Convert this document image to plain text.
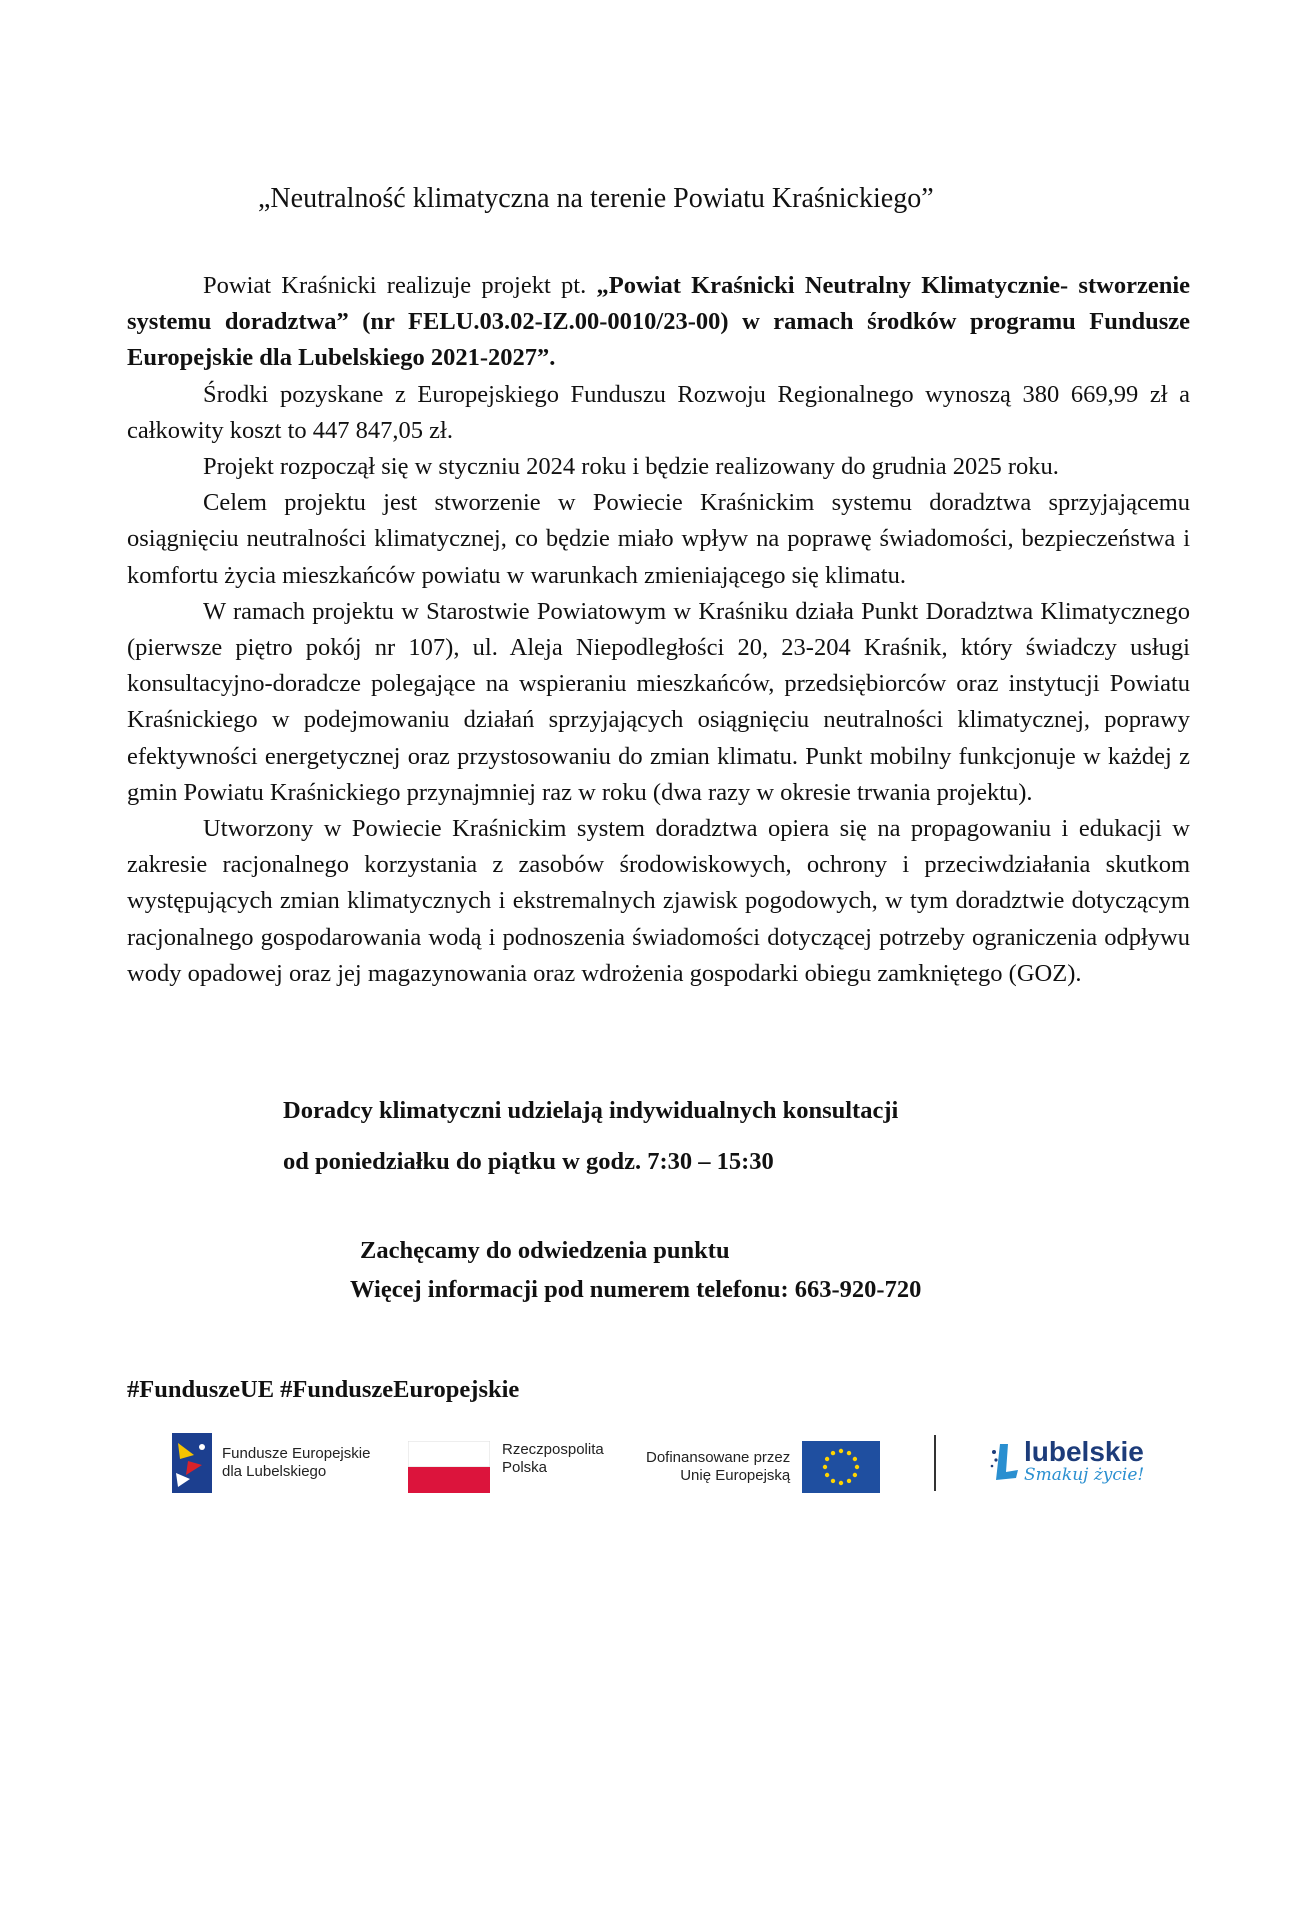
„Neutralność klimatyczna na terenie Powiatu Kraśnickiego”

Powiat Kraśnicki realizuje projekt pt. „Powiat Kraśnicki Neutralny Klimatycznie- stworzenie systemu doradztwa” (nr FELU.03.02-IZ.00-0010/23-00) w ramach środków programu Fundusze Europejskie dla Lubelskiego 2021-2027”.

Środki pozyskane z Europejskiego Funduszu Rozwoju Regionalnego wynoszą 380 669,99 zł a całkowity koszt to 447 847,05 zł.

Projekt rozpoczął się w styczniu 2024 roku i będzie realizowany do grudnia 2025 roku.

Celem projektu jest stworzenie w Powiecie Kraśnickim systemu doradztwa sprzyjającemu osiągnięciu neutralności klimatycznej, co będzie miało wpływ na poprawę świadomości, bezpieczeństwa i komfortu życia mieszkańców powiatu w warunkach zmieniającego się klimatu.

W ramach projektu w Starostwie Powiatowym w Kraśniku działa Punkt Doradztwa Klimatycznego (pierwsze piętro pokój nr 107), ul. Aleja Niepodległości 20, 23-204 Kraśnik, który świadczy usługi konsultacyjno-doradcze polegające na wspieraniu mieszkańców, przedsiębiorców oraz instytucji Powiatu Kraśnickiego w podejmowaniu działań sprzyjających osiągnięciu neutralności klimatycznej, poprawy efektywności energetycznej oraz przystosowaniu do zmian klimatu. Punkt mobilny funkcjonuje w każdej z gmin Powiatu Kraśnickiego przynajmniej raz w roku (dwa razy w okresie trwania projektu).

Utworzony w Powiecie Kraśnickim system doradztwa opiera się na propagowaniu i edukacji w zakresie racjonalnego korzystania z zasobów środowiskowych, ochrony i przeciwdziałania skutkom występujących zmian klimatycznych i ekstremalnych zjawisk pogodowych, w tym doradztwie dotyczącym racjonalnego gospodarowania wodą i podnoszenia świadomości dotyczącej potrzeby ograniczenia odpływu wody opadowej oraz jej magazynowania oraz wdrożenia gospodarki obiegu zamkniętego (GOZ).

Doradcy klimatyczni udzielają indywidualnych konsultacji
od poniedziałku do piątku w godz. 7:30 – 15:30
Zachęcamy do odwiedzenia punktu
Więcej informacji pod numerem telefonu: 663-920-720
#FunduszeUE #FunduszeEuropejskie
Fundusze Europejskie
dla Lubelskiego
Rzeczpospolita
Polska
Dofinansowane przez
Unię Europejską
lubelskie
Smakuj życie!
